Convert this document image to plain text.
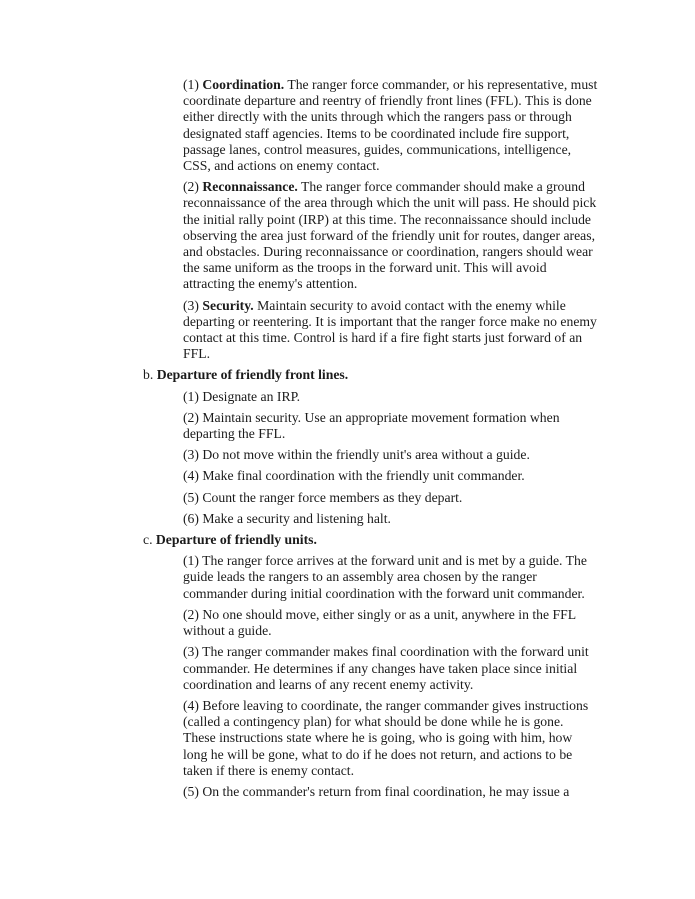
(1) Coordination. The ranger force commander, or his representative, must coordinate departure and reentry of friendly front lines (FFL). This is done either directly with the units through which the rangers pass or through designated staff agencies. Items to be coordinated include fire support, passage lanes, control measures, guides, communications, intelligence, CSS, and actions on enemy contact.

(2) Reconnaissance. The ranger force commander should make a ground reconnaissance of the area through which the unit will pass. He should pick the initial rally point (IRP) at this time. The reconnaissance should include observing the area just forward of the friendly unit for routes, danger areas, and obstacles. During reconnaissance or coordination, rangers should wear the same uniform as the troops in the forward unit. This will avoid attracting the enemy's attention.

(3) Security. Maintain security to avoid contact with the enemy while departing or reentering. It is important that the ranger force make no enemy contact at this time. Control is hard if a fire fight starts just forward of an FFL.

b. Departure of friendly front lines.

(1) Designate an IRP.

(2) Maintain security. Use an appropriate movement formation when departing the FFL.

(3) Do not move within the friendly unit's area without a guide.

(4) Make final coordination with the friendly unit commander.

(5) Count the ranger force members as they depart.

(6) Make a security and listening halt.

c. Departure of friendly units.

(1) The ranger force arrives at the forward unit and is met by a guide. The guide leads the rangers to an assembly area chosen by the ranger commander during initial coordination with the forward unit commander.

(2) No one should move, either singly or as a unit, anywhere in the FFL without a guide.

(3) The ranger commander makes final coordination with the forward unit commander. He determines if any changes have taken place since initial coordination and learns of any recent enemy activity.

(4) Before leaving to coordinate, the ranger commander gives instructions (called a contingency plan) for what should be done while he is gone. These instructions state where he is going, who is going with him, how long he will be gone, what to do if he does not return, and actions to be taken if there is enemy contact.

(5) On the commander's return from final coordination, he may issue a
